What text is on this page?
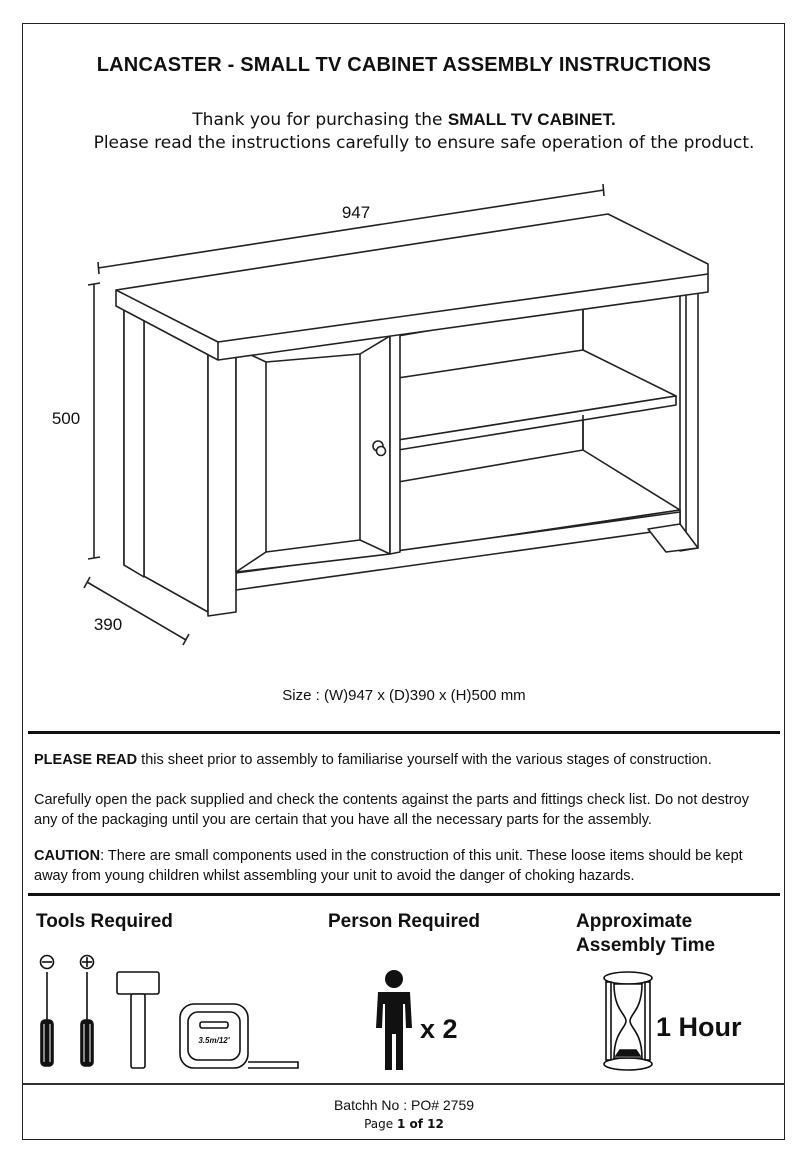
LANCASTER - SMALL TV CABINET ASSEMBLY INSTRUCTIONS
Thank you for purchasing the SMALL TV CABINET.
Please read the instructions carefully to ensure safe operation of the product.
947
500
390
Size : (W)947 x (D)390 x (H)500 mm
PLEASE READ this sheet prior to assembly to familiarise yourself with the various stages of construction.
Carefully open the pack supplied and check the contents against the parts and fittings check list. Do not destroy any of the packaging until you are certain that you have all the necessary parts for the assembly.
CAUTION: There are small components used in the construction of this unit. These loose items should be kept away from young children whilst assembling your unit to avoid the danger of choking hazards.
Tools Required	Person Required	Approximate
Assembly Time
3.5m/12'	x 2	1 Hour
Batchh No : PO# 2759
Page 1 of 12
